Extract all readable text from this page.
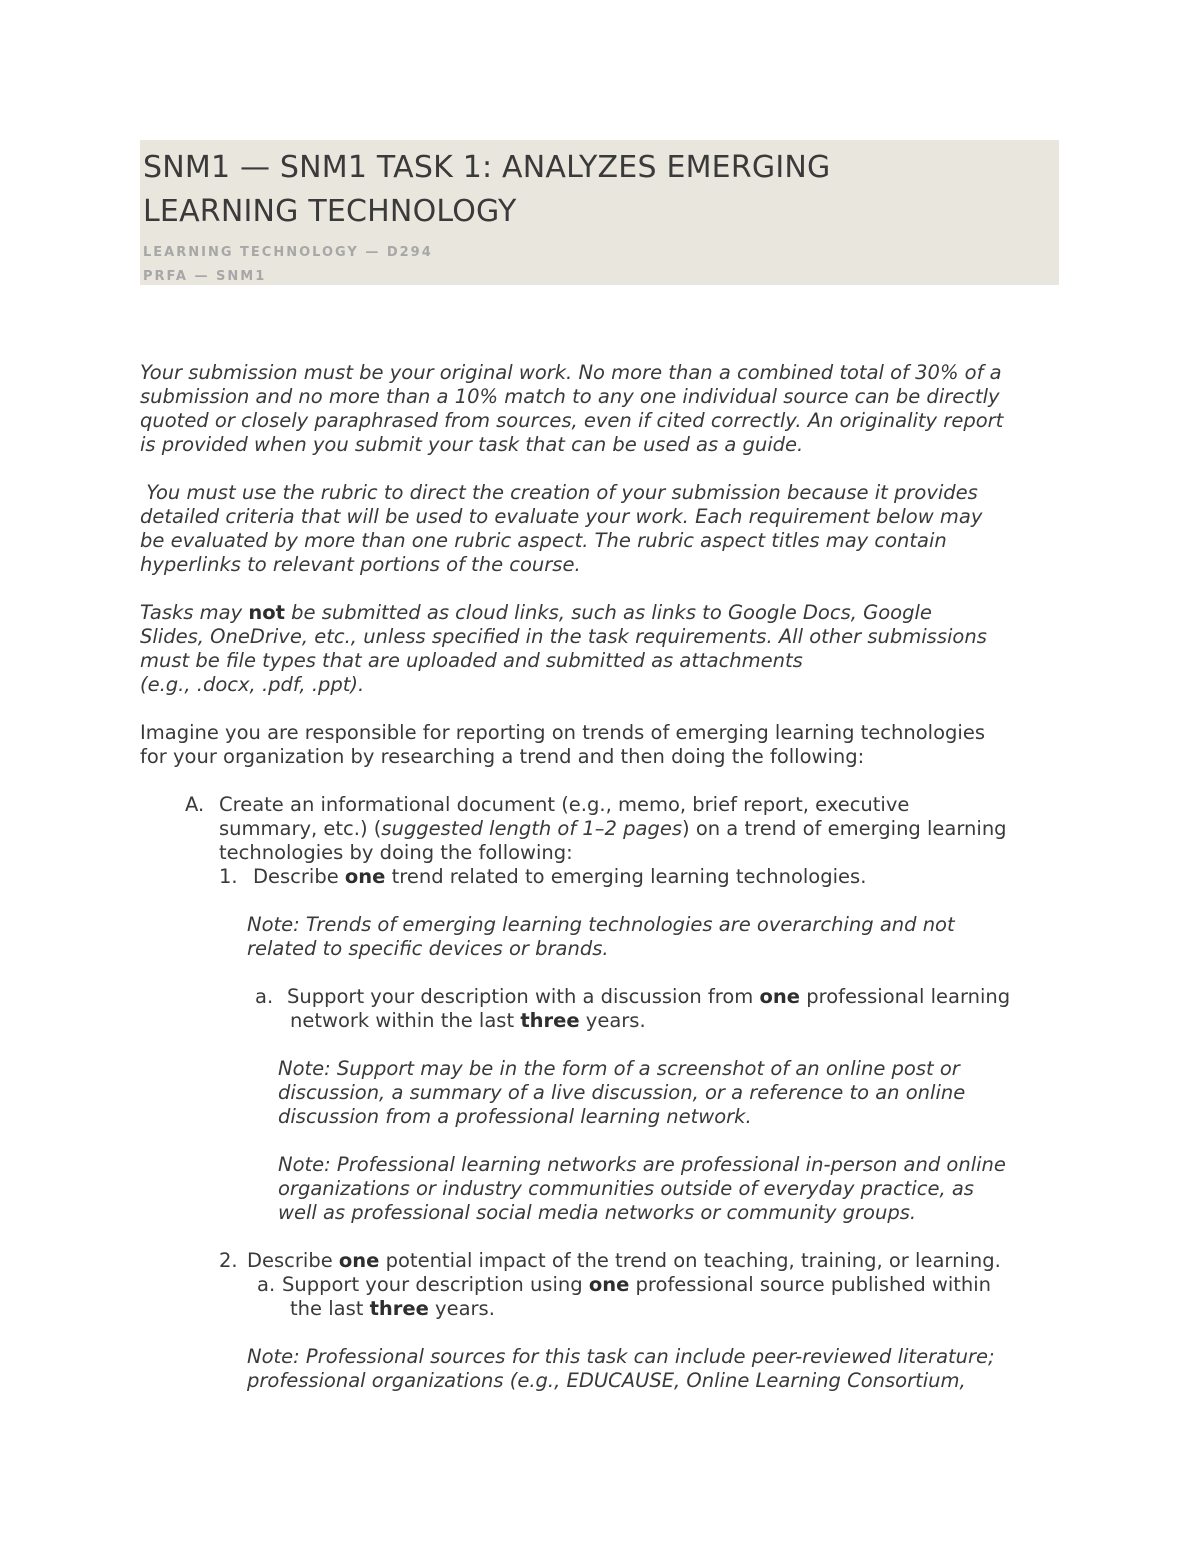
SNM1 — SNM1 TASK 1: ANALYZES EMERGING
LEARNING TECHNOLOGY
LEARNING TECHNOLOGY — D294
PRFA — SNM1
Your submission must be your original work. No more than a combined total of 30% of a
submission and no more than a 10% match to any one individual source can be directly
quoted or closely paraphrased from sources, even if cited correctly. An originality report
is provided when you submit your task that can be used as a guide.
You must use the rubric to direct the creation of your submission because it provides
detailed criteria that will be used to evaluate your work. Each requirement below may
be evaluated by more than one rubric aspect. The rubric aspect titles may contain
hyperlinks to relevant portions of the course.
Tasks may not be submitted as cloud links, such as links to Google Docs, Google
Slides, OneDrive, etc., unless specified in the task requirements. All other submissions
must be file types that are uploaded and submitted as attachments
(e.g., .docx, .pdf, .ppt).
Imagine you are responsible for reporting on trends of emerging learning technologies
for your organization by researching a trend and then doing the following:
A. Create an informational document (e.g., memo, brief report, executive
summary, etc.) (suggested length of 1–2 pages) on a trend of emerging learning
technologies by doing the following:
1. Describe one trend related to emerging learning technologies.
Note: Trends of emerging learning technologies are overarching and not
related to specific devices or brands.
a. Support your description with a discussion from one professional learning
network within the last three years.
Note: Support may be in the form of a screenshot of an online post or
discussion, a summary of a live discussion, or a reference to an online
discussion from a professional learning network.
Note: Professional learning networks are professional in-person and online
organizations or industry communities outside of everyday practice, as
well as professional social media networks or community groups.
2. Describe one potential impact of the trend on teaching, training, or learning.
a. Support your description using one professional source published within
the last three years.
Note: Professional sources for this task can include peer-reviewed literature;
professional organizations (e.g., EDUCAUSE, Online Learning Consortium,
